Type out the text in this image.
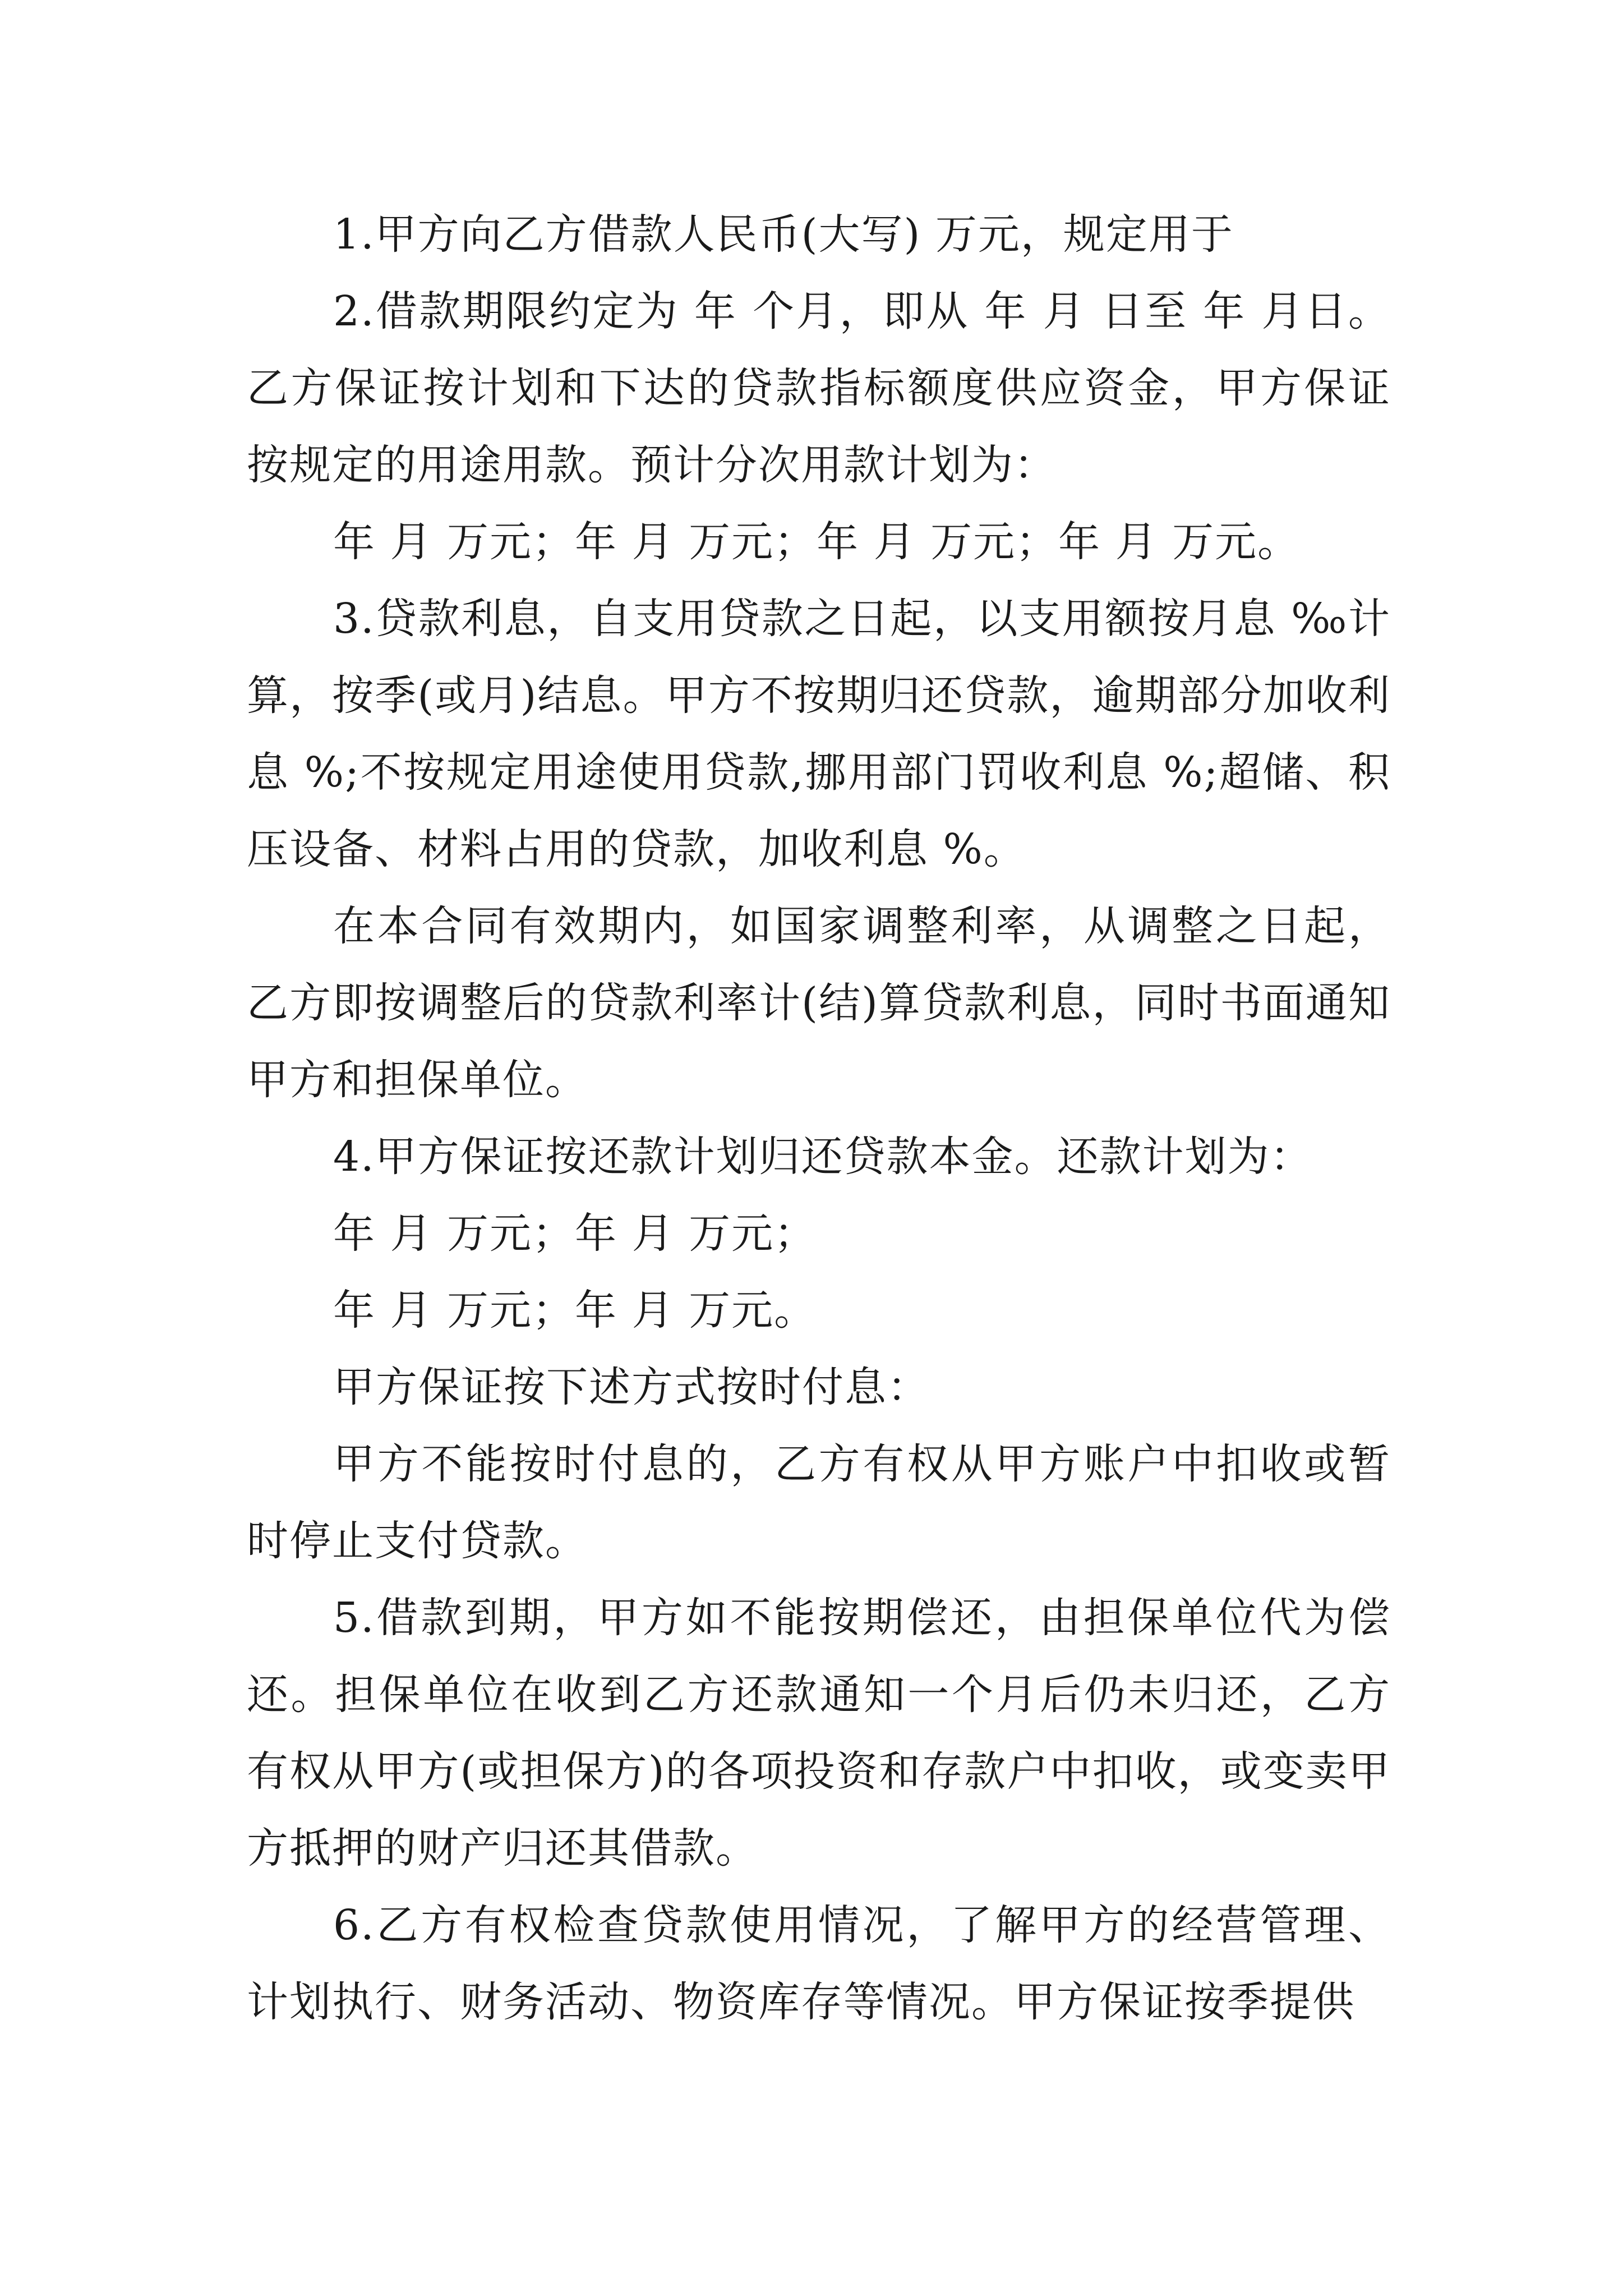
1.甲方向乙方借款人民币(大写) 万元，规定用于

2.借款期限约定为 年 个月，即从 年 月 日至 年 月日。乙方保证按计划和下达的贷款指标额度供应资金，甲方保证按规定的用途用款。预计分次用款计划为：

年 月 万元；年 月 万元；年 月 万元；年 月 万元。

3.贷款利息，自支用贷款之日起，以支用额按月息 ‰计算，按季(或月)结息。甲方不按期归还贷款，逾期部分加收利息 %;不按规定用途使用贷款,挪用部门罚收利息 %;超储、积压设备、材料占用的贷款，加收利息 %。

在本合同有效期内，如国家调整利率，从调整之日起，乙方即按调整后的贷款利率计(结)算贷款利息，同时书面通知甲方和担保单位。

4.甲方保证按还款计划归还贷款本金。还款计划为：

年 月 万元；年 月 万元；

年 月 万元；年 月 万元。

甲方保证按下述方式按时付息：

甲方不能按时付息的，乙方有权从甲方账户中扣收或暂时停止支付贷款。

5.借款到期，甲方如不能按期偿还，由担保单位代为偿还。担保单位在收到乙方还款通知一个月后仍未归还，乙方有权从甲方(或担保方)的各项投资和存款户中扣收，或变卖甲方抵押的财产归还其借款。

6.乙方有权检查贷款使用情况，了解甲方的经营管理、计划执行、财务活动、物资库存等情况。甲方保证按季提供
